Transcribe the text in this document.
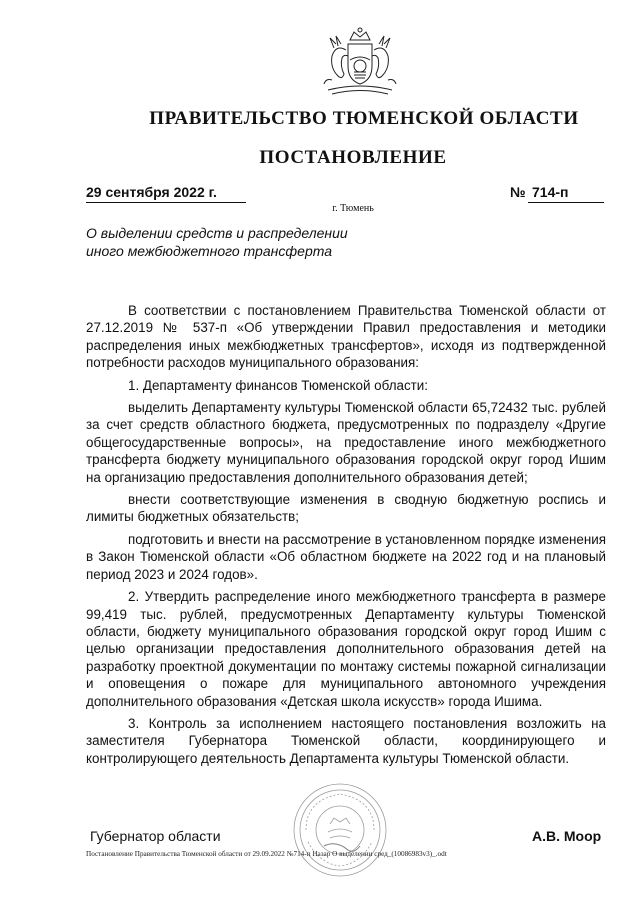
ПРАВИТЕЛЬСТВО ТЮМЕНСКОЙ ОБЛАСТИ
ПОСТАНОВЛЕНИЕ
29 сентября 2022 г.	№ 714-п
г. Тюмень
О выделении средств и распределении
иного межбюджетного трансферта

В соответствии с постановлением Правительства Тюменской области от 27.12.2019 № 537-п «Об утверждении Правил предоставления и методики распределения иных межбюджетных трансфертов», исходя из подтвержденной потребности расходов муниципального образования:

1. Департаменту финансов Тюменской области:

выделить Департаменту культуры Тюменской области 65,72432 тыс. рублей за счет средств областного бюджета, предусмотренных по подразделу «Другие общегосударственные вопросы», на предоставление иного межбюджетного трансферта бюджету муниципального образования городской округ город Ишим на организацию предоставления дополнительного образования детей;

внести соответствующие изменения в сводную бюджетную роспись и лимиты бюджетных обязательств;

подготовить и внести на рассмотрение в установленном порядке изменения в Закон Тюменской области «Об областном бюджете на 2022 год и на плановый период 2023 и 2024 годов».

2. Утвердить распределение иного межбюджетного трансферта в размере 99,419 тыс. рублей, предусмотренных Департаменту культуры Тюменской области, бюджету муниципального образования городской округ город Ишим с целью организации предоставления дополнительного образования детей на разработку проектной документации по монтажу системы пожарной сигнализации и оповещения о пожаре для муниципального автономного учреждения дополнительного образования «Детская школа искусств» города Ишима.

3. Контроль за исполнением настоящего постановления возложить на заместителя Губернатора Тюменской области, координирующего и контролирующего деятельность Департамента культуры Тюменской области.

Губернатор области	А.В. Моор
Постановление Правительства Тюменской области от 29.09.2022 №714-п Назар О выделении сред_(10086983v3)_.odt
